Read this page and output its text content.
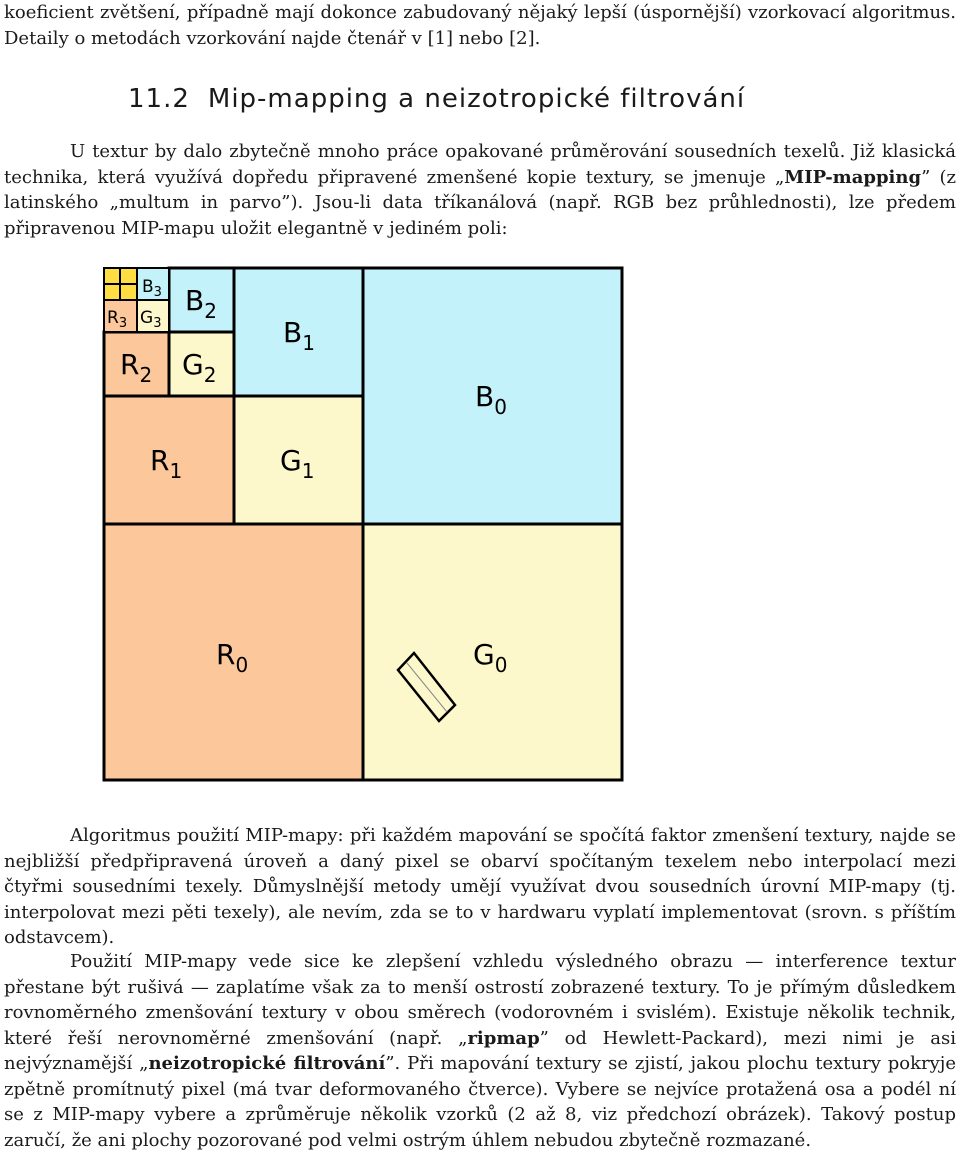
koeficient zvětšení, případně mají dokonce zabudovaný nějaký lepší (úspornější) vzorkovací algoritmus. Detaily o metodách vzorkování najde čtenář v [1] nebo [2].

11.2 Mip-mapping a neizotropické filtrování

U textur by dalo zbytečně mnoho práce opakované průměrování sousedních texelů. Již klasická technika, která využívá dopředu připravené zmenšené kopie textury, se jmenuje „MIP-mapping” (z latinského „multum in parvo”). Jsou-li data tříkanálová (např. RGB bez průhlednosti), lze předem připravenou MIP-mapu uložit elegantně v jediném poli:

$B_3$
$R_3$ $G_3$
$B_2$
$R_2$ $G_2$
$B_1$
$R_1$	$G_1$
$B_0$
$R_0$	$G_0$

Algoritmus použití MIP-mapy: při každém mapování se spočítá faktor zmenšení textury, najde se nejbližší předpřipravená úroveň a daný pixel se obarví spočítaným texelem nebo interpolací mezi čtyřmi sousedními texely. Důmyslnější metody umějí využívat dvou sousedních úrovní MIP-mapy (tj. interpolovat mezi pěti texely), ale nevím, zda se to v hardwaru vyplatí implementovat (srovn. s příštím odstavcem).

Použití MIP-mapy vede sice ke zlepšení vzhledu výsledného obrazu — interference textur přestane být rušivá — zaplatíme však za to menší ostrostí zobrazené textury. To je přímým důsledkem rovnoměrného zmenšování textury v obou směrech (vodorovném i svislém). Existuje několik technik, které řeší nerovnoměrné zmenšování (např. „ripmap” od Hewlett-Packard), mezi nimi je asi nejvýznamější „neizotropické filtrování”. Při mapování textury se zjistí, jakou plochu textury pokryje zpětně promítnutý pixel (má tvar deformovaného čtverce). Vybere se nejvíce protažená osa a podél ní se z MIP-mapy vybere a zprůměruje několik vzorků (2 až 8, viz předchozí obrázek). Takový postup zaručí, že ani plochy pozorované pod velmi ostrým úhlem nebudou zbytečně rozmazané.
